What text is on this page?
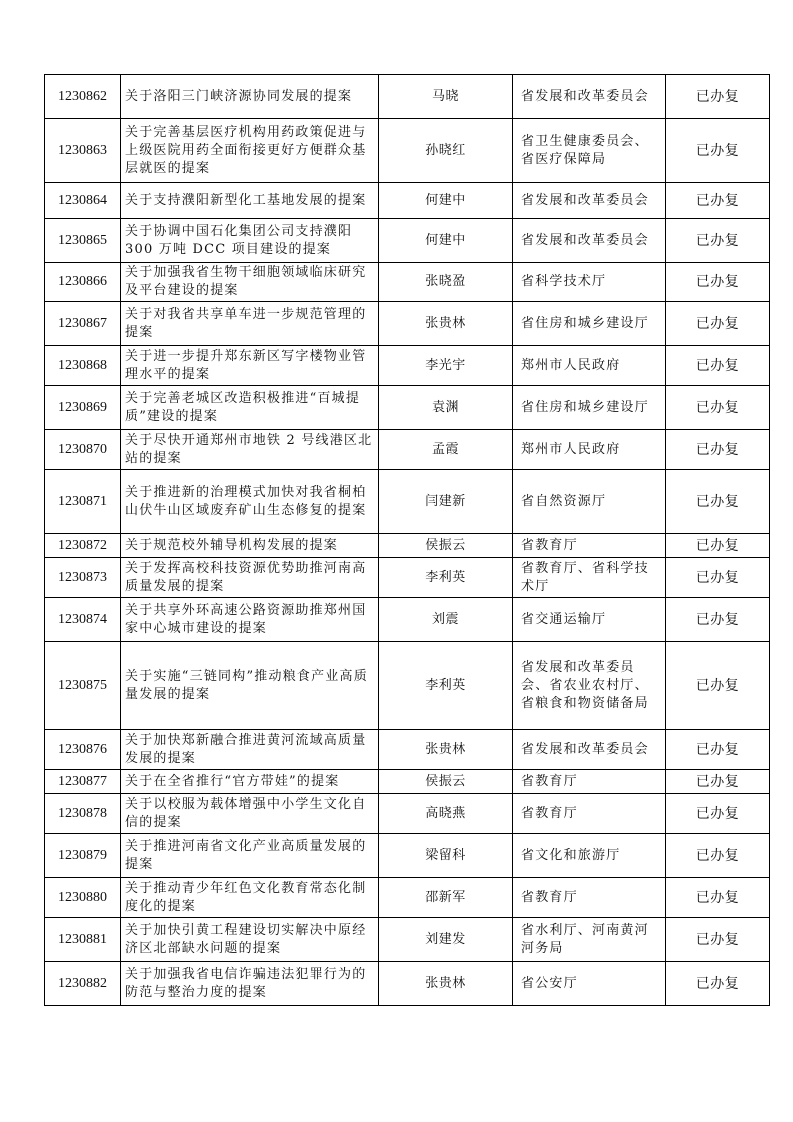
1230862	关于洛阳三门峡济源协同发展的提案	马晓	省发展和改革委员会	已办复
1230863	关于完善基层医疗机构用药政策促进与上级医院用药全面衔接更好方便群众基层就医的提案	孙晓红	省卫生健康委员会、省医疗保障局	已办复
1230864	关于支持濮阳新型化工基地发展的提案	何建中	省发展和改革委员会	已办复
1230865	关于协调中国石化集团公司支持濮阳 300 万吨 DCC 项目建设的提案	何建中	省发展和改革委员会	已办复
1230866	关于加强我省生物干细胞领域临床研究及平台建设的提案	张晓盈	省科学技术厅	已办复
1230867	关于对我省共享单车进一步规范管理的提案	张贵林	省住房和城乡建设厅	已办复
1230868	关于进一步提升郑东新区写字楼物业管理水平的提案	李光宇	郑州市人民政府	已办复
1230869	关于完善老城区改造积极推进“百城提质”建设的提案	袁渊	省住房和城乡建设厅	已办复
1230870	关于尽快开通郑州市地铁 2 号线港区北站的提案	孟霞	郑州市人民政府	已办复
1230871	关于推进新的治理模式加快对我省桐柏山伏牛山区域废弃矿山生态修复的提案	闫建新	省自然资源厅	已办复
1230872	关于规范校外辅导机构发展的提案	侯振云	省教育厅	已办复
1230873	关于发挥高校科技资源优势助推河南高质量发展的提案	李利英	省教育厅、省科学技术厅	已办复
1230874	关于共享外环高速公路资源助推郑州国家中心城市建设的提案	刘震	省交通运输厅	已办复
1230875	关于实施“三链同构”推动粮食产业高质量发展的提案	李利英	省发展和改革委员会、省农业农村厅、省粮食和物资储备局	已办复
1230876	关于加快郑新融合推进黄河流域高质量发展的提案	张贵林	省发展和改革委员会	已办复
1230877	关于在全省推行“官方带娃”的提案	侯振云	省教育厅	已办复
1230878	关于以校服为载体增强中小学生文化自信的提案	高晓燕	省教育厅	已办复
1230879	关于推进河南省文化产业高质量发展的提案	梁留科	省文化和旅游厅	已办复
1230880	关于推动青少年红色文化教育常态化制度化的提案	邵新军	省教育厅	已办复
1230881	关于加快引黄工程建设切实解决中原经济区北部缺水问题的提案	刘建发	省水利厅、河南黄河河务局	已办复
1230882	关于加强我省电信诈骗违法犯罪行为的防范与整治力度的提案	张贵林	省公安厅	已办复
